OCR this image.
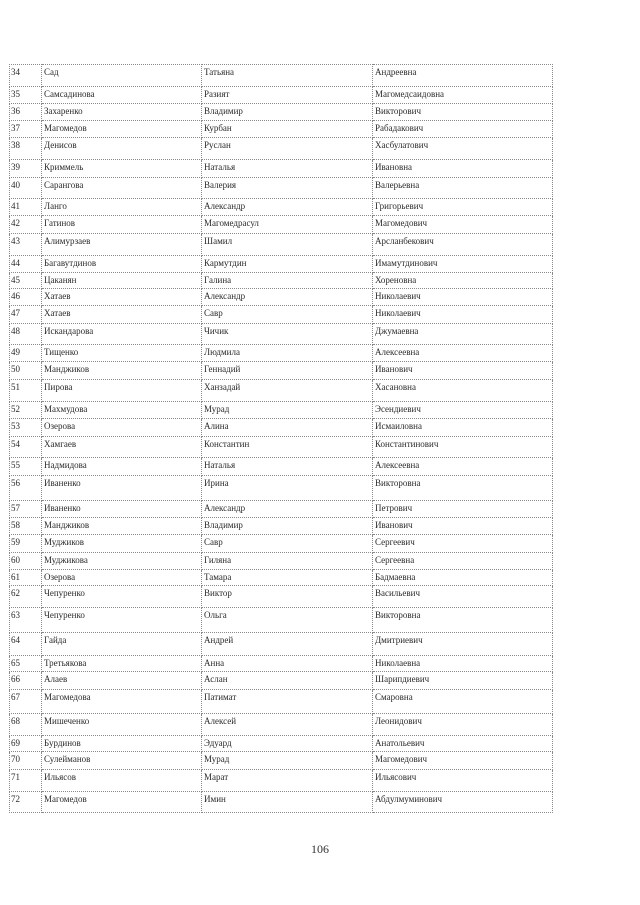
34	Сад	Татьяна	Андреевна
35	Самсадинова	Разият	Магомедсаидовна
36	Захаренко	Владимир	Викторович
37	Магомедов	Курбан	Рабадакович
38	Денисов	Руслан	Хасбулатович
39	Криммель	Наталья	Ивановна
40	Сарангова	Валерия	Валерьевна
41	Ланго	Александр	Григорьевич
42	Гатинов	Магомедрасул	Магомедович
43	Алимурзаев	Шамил	Арсланбекович
44	Багавутдинов	Кармутдин	Имамутдинович
45	Цаканян	Галина	Хореновна
46	Хатаев	Александр	Николаевич
47	Хатаев	Савр	Николаевич
48	Искандарова	Чичик	Джумаевна
49	Тищенко	Людмила	Алексеевна
50	Манджиков	Геннадий	Иванович
51	Пирова	Ханзадай	Хасановна
52	Махмудова	Мурад	Эсендиевич
53	Озерова	Алина	Исмаиловна
54	Хамгаев	Константин	Константинович
55	Надмидова	Наталья	Алексеевна
56	Иваненко	Ирина	Викторовна
57	Иваненко	Александр	Петрович
58	Манджиков	Владимир	Иванович
59	Муджиков	Савр	Сергеевич
60	Муджикова	Гиляна	Сергеевна
61	Озерова	Тамара	Бадмаевна
62	Чепуренко	Виктор	Васильевич
63	Чепуренко	Ольга	Викторовна
64	Гайда	Андрей	Дмитриевич
65	Третьякова	Анна	Николаевна
66	Алаев	Аслан	Шарипдиевич
67	Магомедова	Патимат	Смаровна
68	Мишеченко	Алексей	Леонидович
69	Бурдинов	Эдуард	Анатольевич
70	Сулейманов	Мурад	Магомедович
71	Ильясов	Марат	Ильясович
72	Магомедов	Имин	Абдулмуминович
106
